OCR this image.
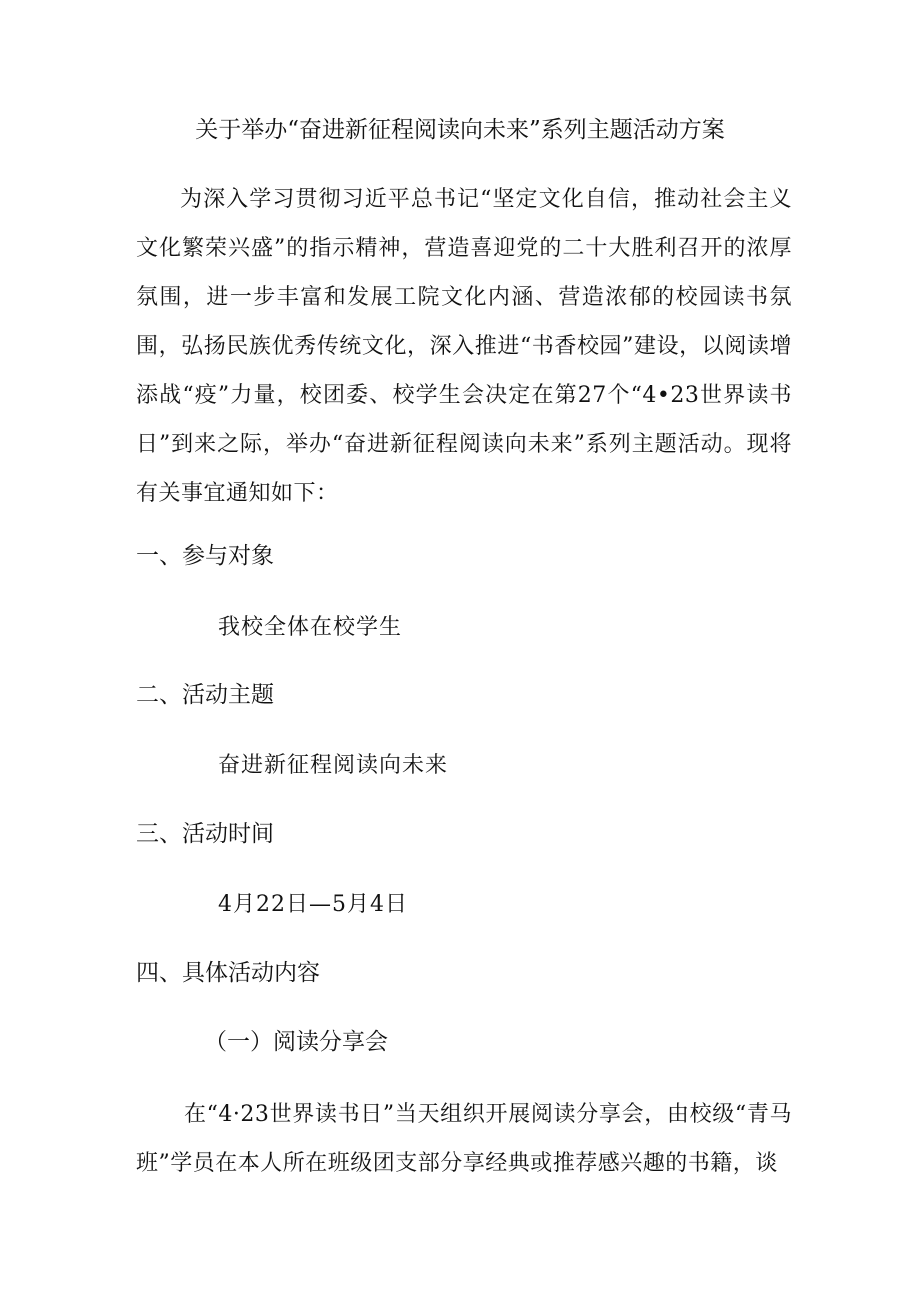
关于举办“奋进新征程阅读向未来”系列主题活动方案
为深入学习贯彻习近平总书记“坚定文化自信，推动社会主义文化繁荣兴盛”的指示精神，营造喜迎党的二十大胜利召开的浓厚氛围，进一步丰富和发展工院文化内涵、营造浓郁的校园读书氛围，弘扬民族优秀传统文化，深入推进“书香校园”建设，以阅读增添战“疫”力量，校团委、校学生会决定在第27个“4•23世界读书日”到来之际，举办“奋进新征程阅读向未来”系列主题活动。现将有关事宜通知如下：
一、参与对象
我校全体在校学生
二、活动主题
奋进新征程阅读向未来
三、活动时间
4月22日—5月4日
四、具体活动内容
（一）阅读分享会
在“4·23世界读书日”当天组织开展阅读分享会，由校级“青马班”学员在本人所在班级团支部分享经典或推荐感兴趣的书籍，谈
